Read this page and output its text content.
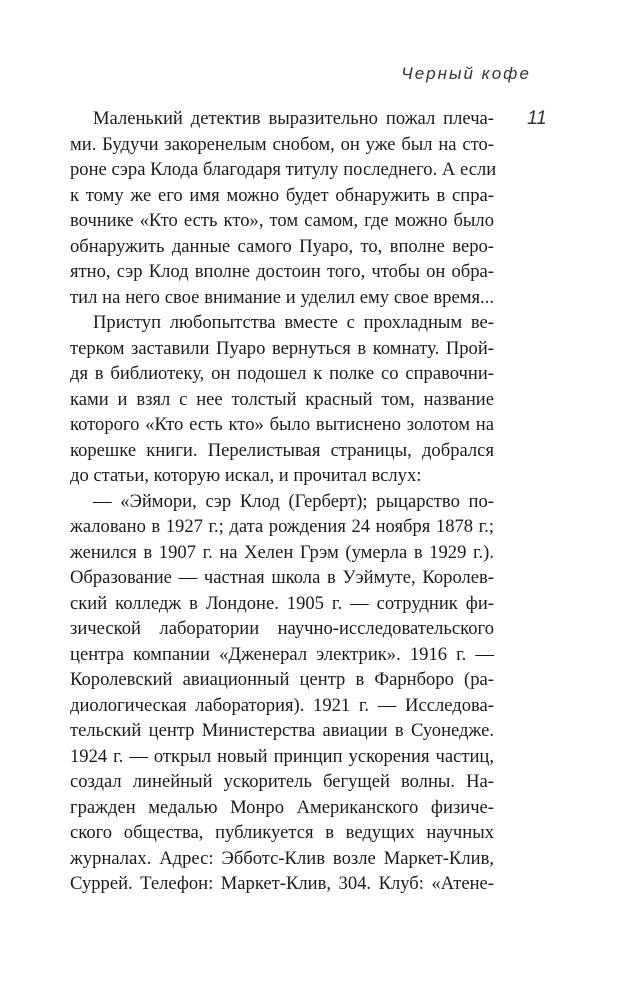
Черный кофе
11
Маленький детектив выразительно пожал плеча-
ми. Будучи закоренелым снобом, он уже был на сто-
роне сэра Клода благодаря титулу последнего. А если
к тому же его имя можно будет обнаружить в спра-
вочнике «Кто есть кто», том самом, где можно было
обнаружить данные самого Пуаро, то, вполне веро-
ятно, сэр Клод вполне достоин того, чтобы он обра-
тил на него свое внимание и уделил ему свое время...
Приступ любопытства вместе с прохладным ве-
терком заставили Пуаро вернуться в комнату. Прой-
дя в библиотеку, он подошел к полке со справочни-
ками и взял с нее толстый красный том, название
которого «Кто есть кто» было вытиснено золотом на
корешке книги. Перелистывая страницы, добрался
до статьи, которую искал, и прочитал вслух:
— «Эймори, сэр Клод (Герберт); рыцарство по-
жаловано в 1927 г.; дата рождения 24 ноября 1878 г.;
женился в 1907 г. на Хелен Грэм (умерла в 1929 г.).
Образование — частная школа в Уэймуте, Королев-
ский колледж в Лондоне. 1905 г. — сотрудник фи-
зической лаборатории научно-исследовательского
центра компании «Дженерал электрик». 1916 г. —
Королевский авиационный центр в Фарнборо (ра-
диологическая лаборатория). 1921 г. — Исследова-
тельский центр Министерства авиации в Суонедже.
1924 г. — открыл новый принцип ускорения частиц,
создал линейный ускоритель бегущей волны. На-
гражден медалью Монро Американского физиче-
ского общества, публикуется в ведущих научных
журналах. Адрес: Эбботс-Клив возле Маркет-Клив,
Суррей. Телефон: Маркет-Клив, 304. Клуб: «Атене-
